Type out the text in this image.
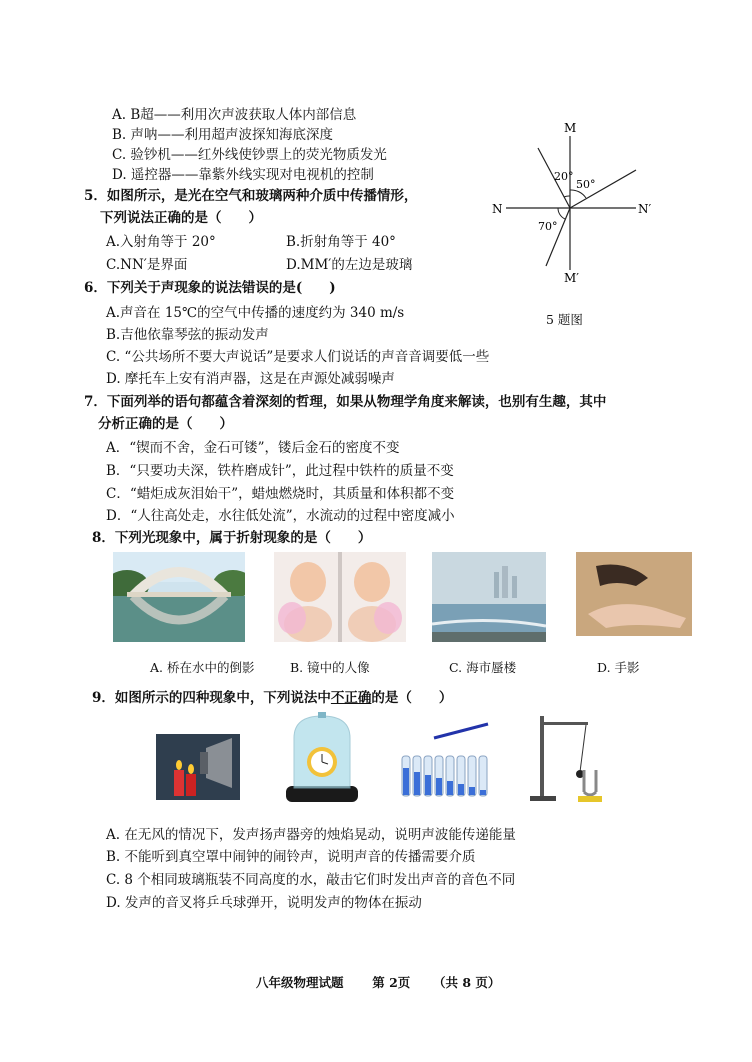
A. B超——利用次声波获取人体内部信息
B. 声呐——利用超声波探知海底深度
C. 验钞机——红外线使钞票上的荧光物质发光
D. 遥控器——靠紫外线实现对电视机的控制
5．如图所示，是光在空气和玻璃两种介质中传播情形，
下列说法正确的是（　　）
A.入射角等于 20°	B.折射角等于 40°
C.NN′是界面	D.MM′的左边是玻璃
M
M′
N	N′
20°
50°
70°
5 题图
6．下列关于声现象的说法错误的是(　　)
A.声音在 15℃的空气中传播的速度约为 340 m/s
B.吉他依靠琴弦的振动发声
C. “公共场所不要大声说话”是要求人们说话的声音音调要低一些
D. 摩托车上安有消声器，这是在声源处减弱噪声
7．下面列举的语句都蕴含着深刻的哲理，如果从物理学角度来解读，也别有生趣，其中
分析正确的是（　　）
A．“锲而不舍，金石可镂”，镂后金石的密度不变
B．“只要功夫深，铁杵磨成针”，此过程中铁杵的质量不变
C．“蜡炬成灰泪始干”，蜡烛燃烧时，其质量和体积都不变
D．“人往高处走，水往低处流”，水流动的过程中密度减小
8．下列光现象中，属于折射现象的是（　　）
A. 桥在水中的倒影	B. 镜中的人像	C. 海市蜃楼	D. 手影
9．如图所示的四种现象中，下列说法中不正确的是（　　）
A. 在无风的情况下，发声扬声器旁的烛焰晃动，说明声波能传递能量
B. 不能听到真空罩中闹钟的闹铃声，说明声音的传播需要介质
C. 8 个相同玻璃瓶装不同高度的水，敲击它们时发出声音的音色不同
D. 发声的音叉将乒乓球弹开，说明发声的物体在振动
八年级物理试题 第 2页 （共 8 页）
